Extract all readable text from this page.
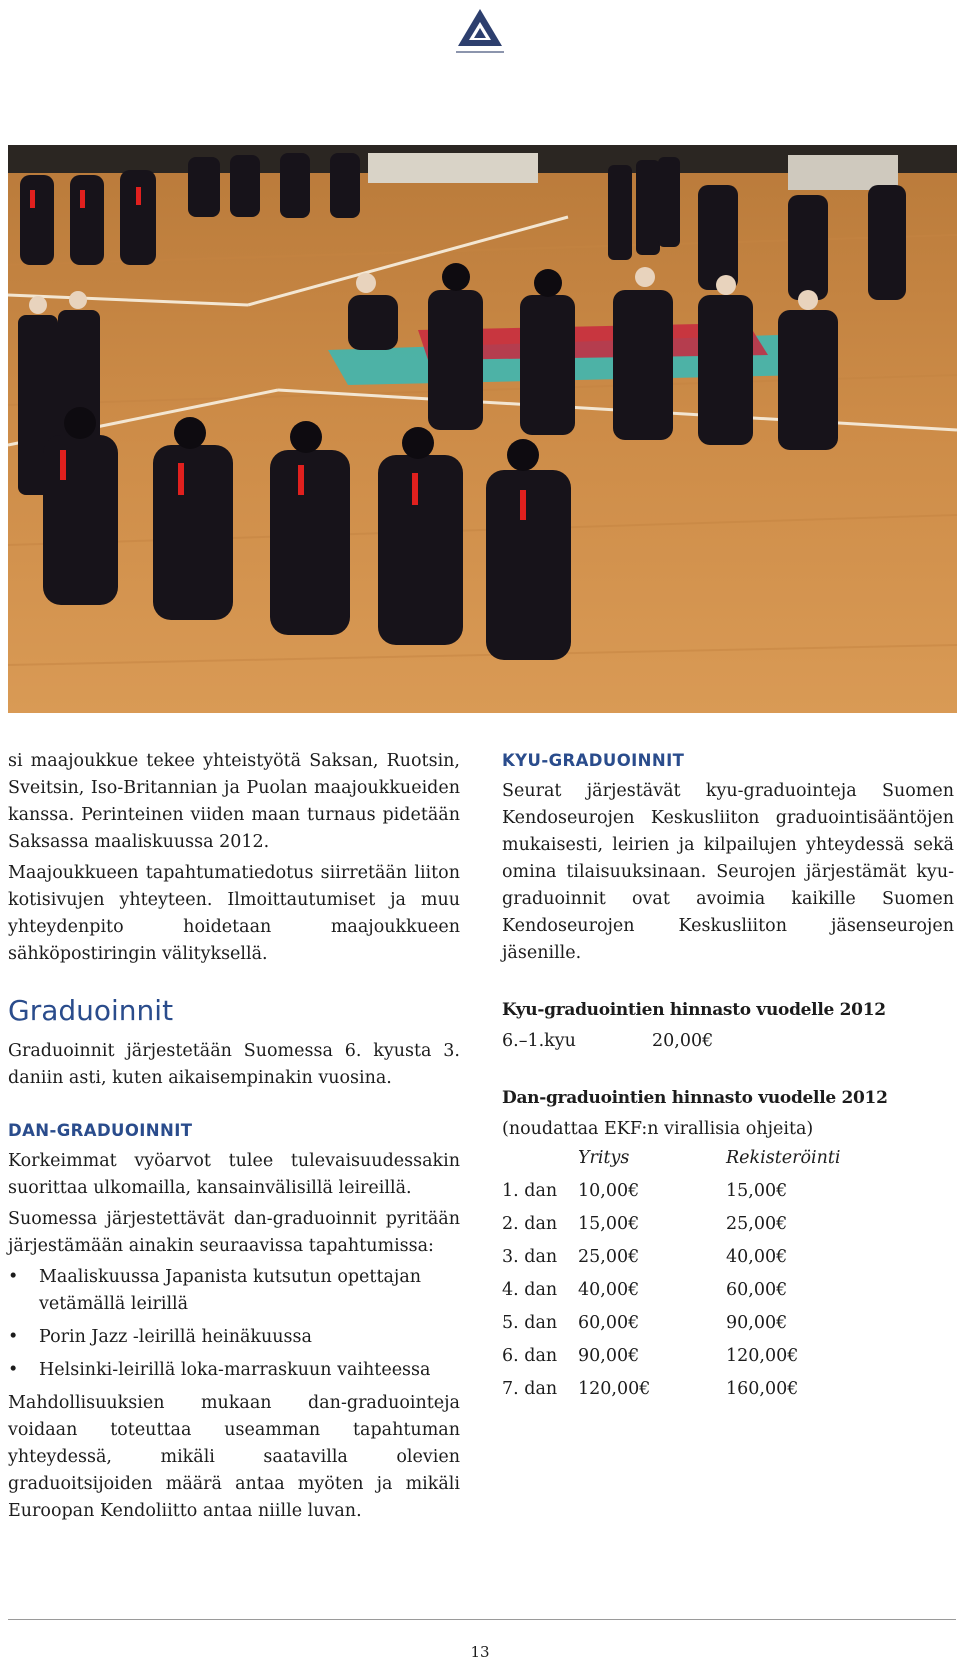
si maajoukkue tekee yhteistyötä Saksan, Ruotsin, Sveitsin, Iso-Britannian ja Puolan maajoukkueiden kanssa. Perinteinen viiden maan turnaus pidetään Saksassa maaliskuussa 2012.

Maajoukkueen tapahtumatiedotus siirretään liiton kotisivujen yhteyteen. Ilmoittautumiset ja muu yhteydenpito hoidetaan maajoukkueen sähköpostiringin välityksellä.

Graduoinnit

Graduoinnit järjestetään Suomessa 6. kyusta 3. daniin asti, kuten aikaisempinakin vuosina.

DAN-GRADUOINNIT

Korkeimmat vyöarvot tulee tulevaisuudessakin suorittaa ulkomailla, kansainvälisillä leireillä.

Suomessa järjestettävät dan-graduoinnit pyritään järjestämään ainakin seuraavissa tapahtumissa:

• Maaliskuussa Japanista kutsutun opettajan vetämällä leirillä
• Porin Jazz -leirillä heinäkuussa
• Helsinki-leirillä loka-marraskuun vaihteessa

Mahdollisuuksien mukaan dan-graduointeja voidaan toteuttaa useamman tapahtuman yhteydessä, mikäli saatavilla olevien graduoitsijoiden määrä antaa myöten ja mikäli Euroopan Kendoliitto antaa niille luvan.

KYU-GRADUOINNIT

Seurat järjestävät kyu-graduointeja Suomen Kendoseurojen Keskusliiton graduointisääntöjen mukaisesti, leirien ja kilpailujen yhteydessä sekä omina tilaisuuksinaan. Seurojen järjestämät kyu-graduoinnit ovat avoimia kaikille Suomen Kendoseurojen Keskusliiton jäsenseurojen jäsenille.

Kyu-graduointien hinnasto vuodelle 2012
6.–1.kyu	20,00€
Dan-graduointien hinnasto vuodelle 2012
(noudattaa EKF:n virallisia ohjeita)
	Yritys	Rekisteröinti
1. dan	10,00€	15,00€
2. dan	15,00€	25,00€
3. dan	25,00€	40,00€
4. dan	40,00€	60,00€
5. dan	60,00€	90,00€
6. dan	90,00€	120,00€
7. dan	120,00€	160,00€
13
